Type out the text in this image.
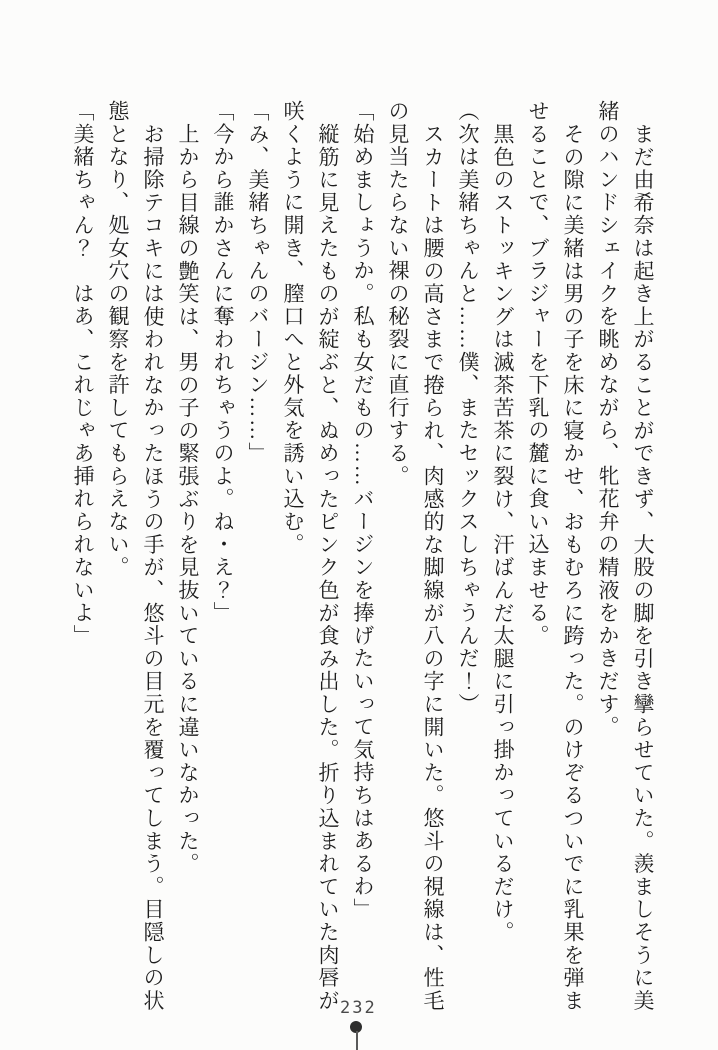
まだ由希奈は起き上がることができず、大股の脚を引き攣らせていた。羨ましそうに美

緒のハンドシェイクを眺めながら、牝花弁の精液をかきだす。

その隙に美緒は男の子を床に寝かせ、おもむろに跨った。のけぞるついでに乳果を弾ま

せることで、ブラジャーを下乳の麓に食い込ませる。

黒色のストッキングは滅茶苦茶に裂け、汗ばんだ太腿に引っ掛かっているだけ。

（次は美緒ちゃんと……僕、またセックスしちゃうんだ！）

スカートは腰の高さまで捲られ、肉感的な脚線が八の字に開いた。悠斗の視線は、性毛

の見当たらない裸の秘裂に直行する。

「始めましょうか。私も女だもの……バージンを捧げたいって気持ちはあるわ」

縦筋に見えたものが綻ぶと、ぬめったピンク色が食み出した。折り込まれていた肉唇が

咲くように開き、膣口へと外気を誘い込む。

「み、美緒ちゃんのバージン……」

「今から誰かさんに奪われちゃうのよ。ね・え？」

上から目線の艶笑は、男の子の緊張ぶりを見抜いているに違いなかった。

お掃除テコキには使われなかったほうの手が、悠斗の目元を覆ってしまう。目隠しの状

態となり、処女穴の観察を許してもらえない。

「美緒ちゃん？　はあ、これじゃあ挿れられないよ」

232
